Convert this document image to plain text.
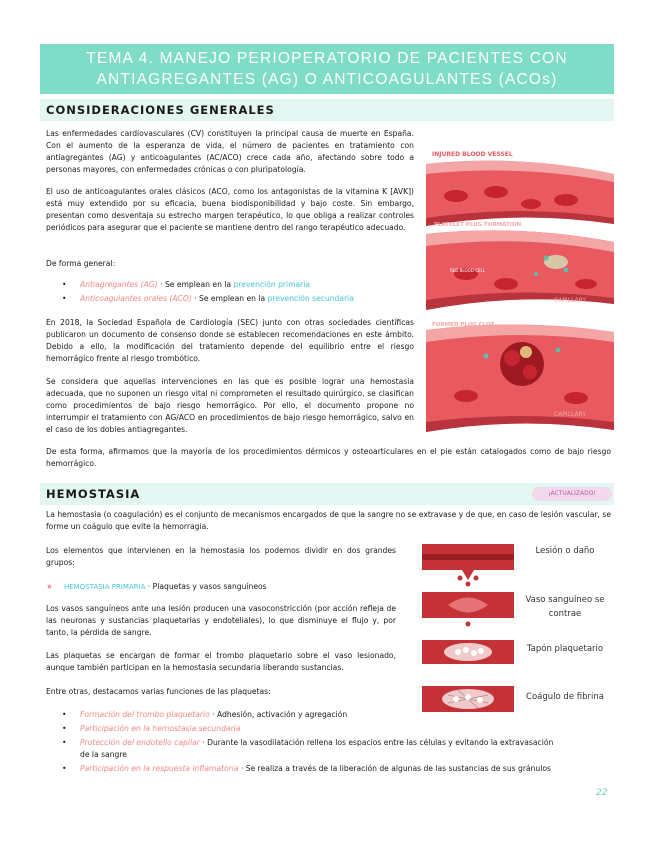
TEMA 4. MANEJO PERIOPERATORIO DE PACIENTES CON
ANTIAGREGANTES (AG) O ANTICOAGULANTES (ACOs)
CONSIDERACIONES GENERALES
Las enfermedades cardiovasculares (CV) constituyen la principal causa de muerte en España. Con el aumento de la esperanza de vida, el número de pacientes en tratamiento con antiagregantes (AG) y anticoagulantes (AC/ACO) crece cada año, afectando sobre todo a personas mayores, con enfermedades crónicas o con pluripatología.
El uso de anticoagulantes orales clásicos (ACO, como los antagonistas de la vitamina K [AVK]) está muy extendido por su eficacia, buena biodisponibilidad y bajo coste. Sin embargo, presentan como desventaja su estrecho margen terapéutico, lo que obliga a realizar controles periódicos para asegurar que el paciente se mantiene dentro del rango terapéutico adecuado.
De forma general:
• Antiagregantes (AG) · Se emplean en la prevención primaria
• Anticoagulantes orales (ACO) · Se emplean en la prevención secundaria
En 2018, la Sociedad Española de Cardiología (SEC) junto con otras sociedades científicas publicaron un documento de consenso donde se establecen recomendaciones en este ámbito. Debido a ello, la modificación del tratamiento depende del equilibrio entre el riesgo hemorrágico frente al riesgo trombótico.
Se considera que aquellas intervenciones en las que es posible lograr una hemostasia adecuada, que no suponen un riesgo vital ni comprometen el resultado quirúrgico, se clasifican como procedimientos de bajo riesgo hemorrágico. Por ello, el documento propone no interrumpir el tratamiento con AG/ACO en procedimientos de bajo riesgo hemorrágico, salvo en el caso de los dobles antiagregantes.
De esta forma, afirmamos que la mayoría de los procedimientos dérmicos y osteoarticulares en el pie están catalogados como de bajo riesgo hemorrágico.
INJURED BLOOD VESSEL
PLATELET PLUG FORMATION
FORMED PLUG CLOT
CAPILLARY
CAPILLARY
RED BLOOD CELL
HEMOSTASIA	¡ACTUALIZADO!
La hemostasia (o coagulación) es el conjunto de mecanismos encargados de que la sangre no se extravase y de que, en caso de lesión vascular, se forme un coágulo que evite la hemorragia.
Los elementos que intervienen en la hemostasia los podemos dividir en dos grandes grupos:
★ HEMOSTASIA PRIMARIA · Plaquetas y vasos sanguíneos
Los vasos sanguíneos ante una lesión producen una vasoconstricción (por acción refleja de las neuronas y sustancias plaquetarias y endoteliales), lo que disminuye el flujo y, por tanto, la pérdida de sangre.
Las plaquetas se encargan de formar el trombo plaquetario sobre el vaso lesionado, aunque también participan en la hemostasia secundaria liberando sustancias.
Entre otras, destacamos varias funciones de las plaquetas:
• Formación del trombo plaquetario · Adhesión, activación y agregación
• Participación en la hemostasia secundaria
• Protección del endotelio capilar · Durante la vasodilatación rellena los espacios entre las células y evitando la extravasación
de la sangre
• Participación en la respuesta inflamatoria · Se realiza a través de la liberación de algunas de las sustancias de sus gránulos
Lesión o daño
Vaso sanguíneo se
contrae
Tapón plaquetario
Coágulo de fibrina
22
